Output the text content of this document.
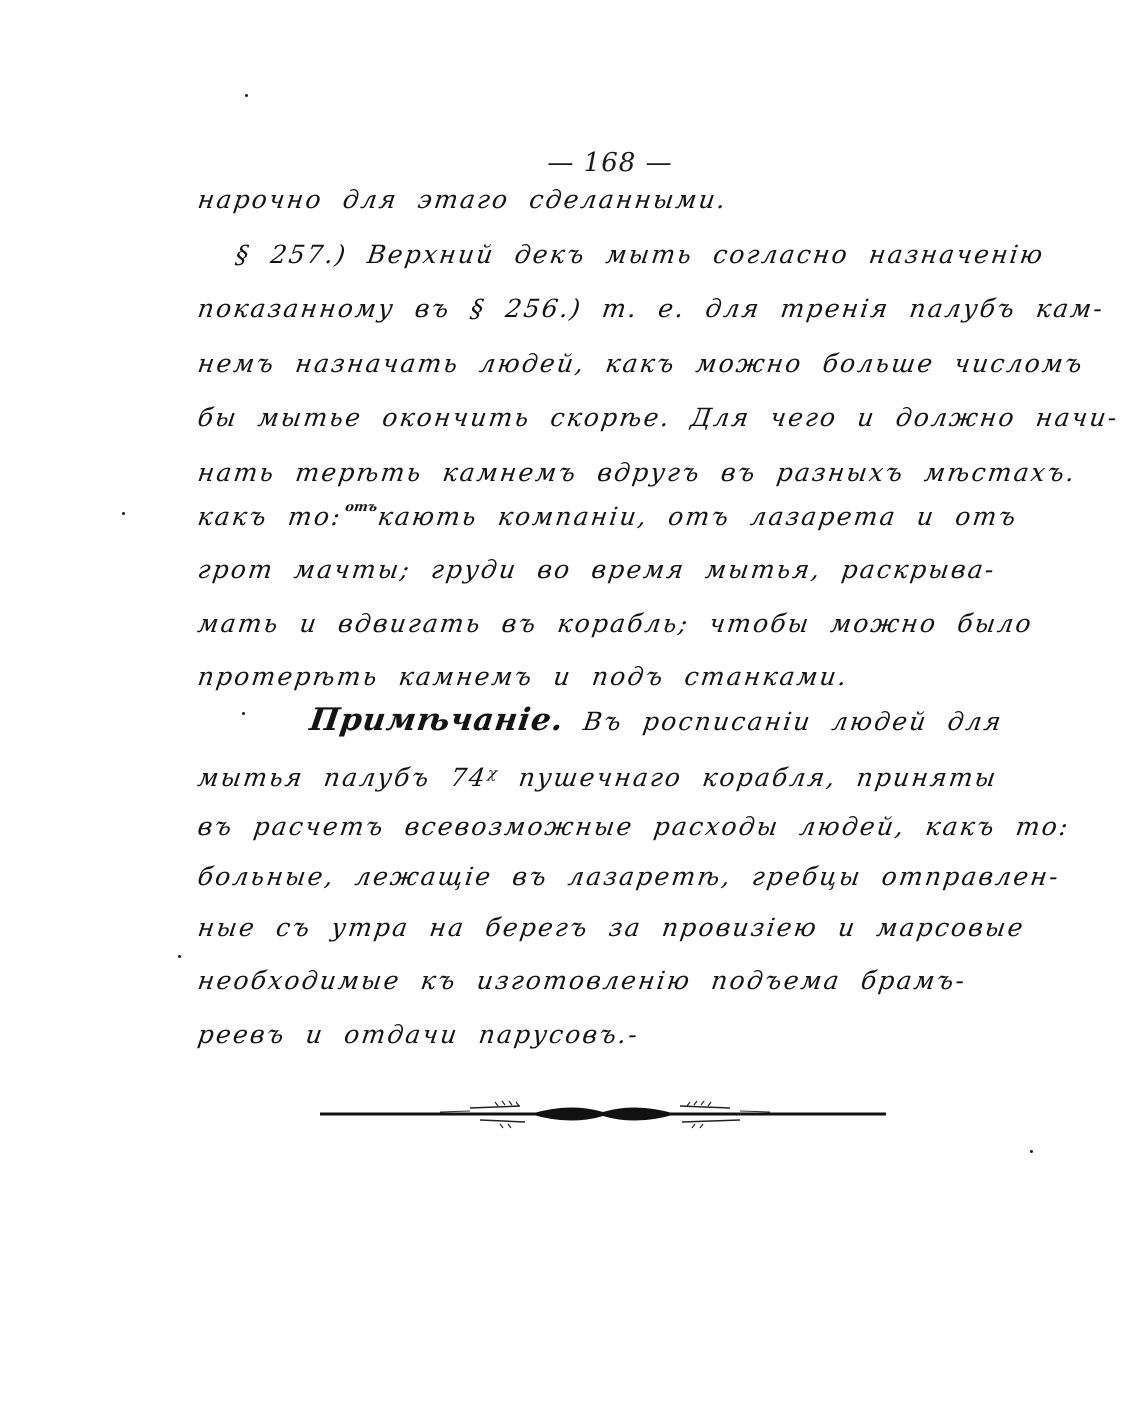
— 168 —
нарочно для этаго сделанными.
§ 257.) Верхний декъ мыть согласно назначенію
показанному въ § 256.) т. е. для тренія палубъ кам-
немъ назначать людей, какъ можно больше числомъ
бы мытье окончить скорѣе. Для чего и должно начи-
нать терѣть камнемъ вдругъ въ разныхъ мѣстахъ.
какъ то:$^{отъ}$кають компаніи, отъ лазарета и отъ
грот мачты; груди во время мытья, раскрыва-
мать и вдвигать въ корабль; чтобы можно было
протерѣть камнемъ и подъ станками.
Примѣчаніе. Въ росписаніи людей для
мытья палубъ 74ᵡ пушечнаго корабля, приняты
въ расчетъ всевозможные расходы людей, какъ то:
больные, лежащіе въ лазаретѣ, гребцы отправлен-
ные съ утра на берегъ за провизіею и марсовые
необходимые къ изготовленію подъема брамъ-
реевъ и отдачи парусовъ.-
